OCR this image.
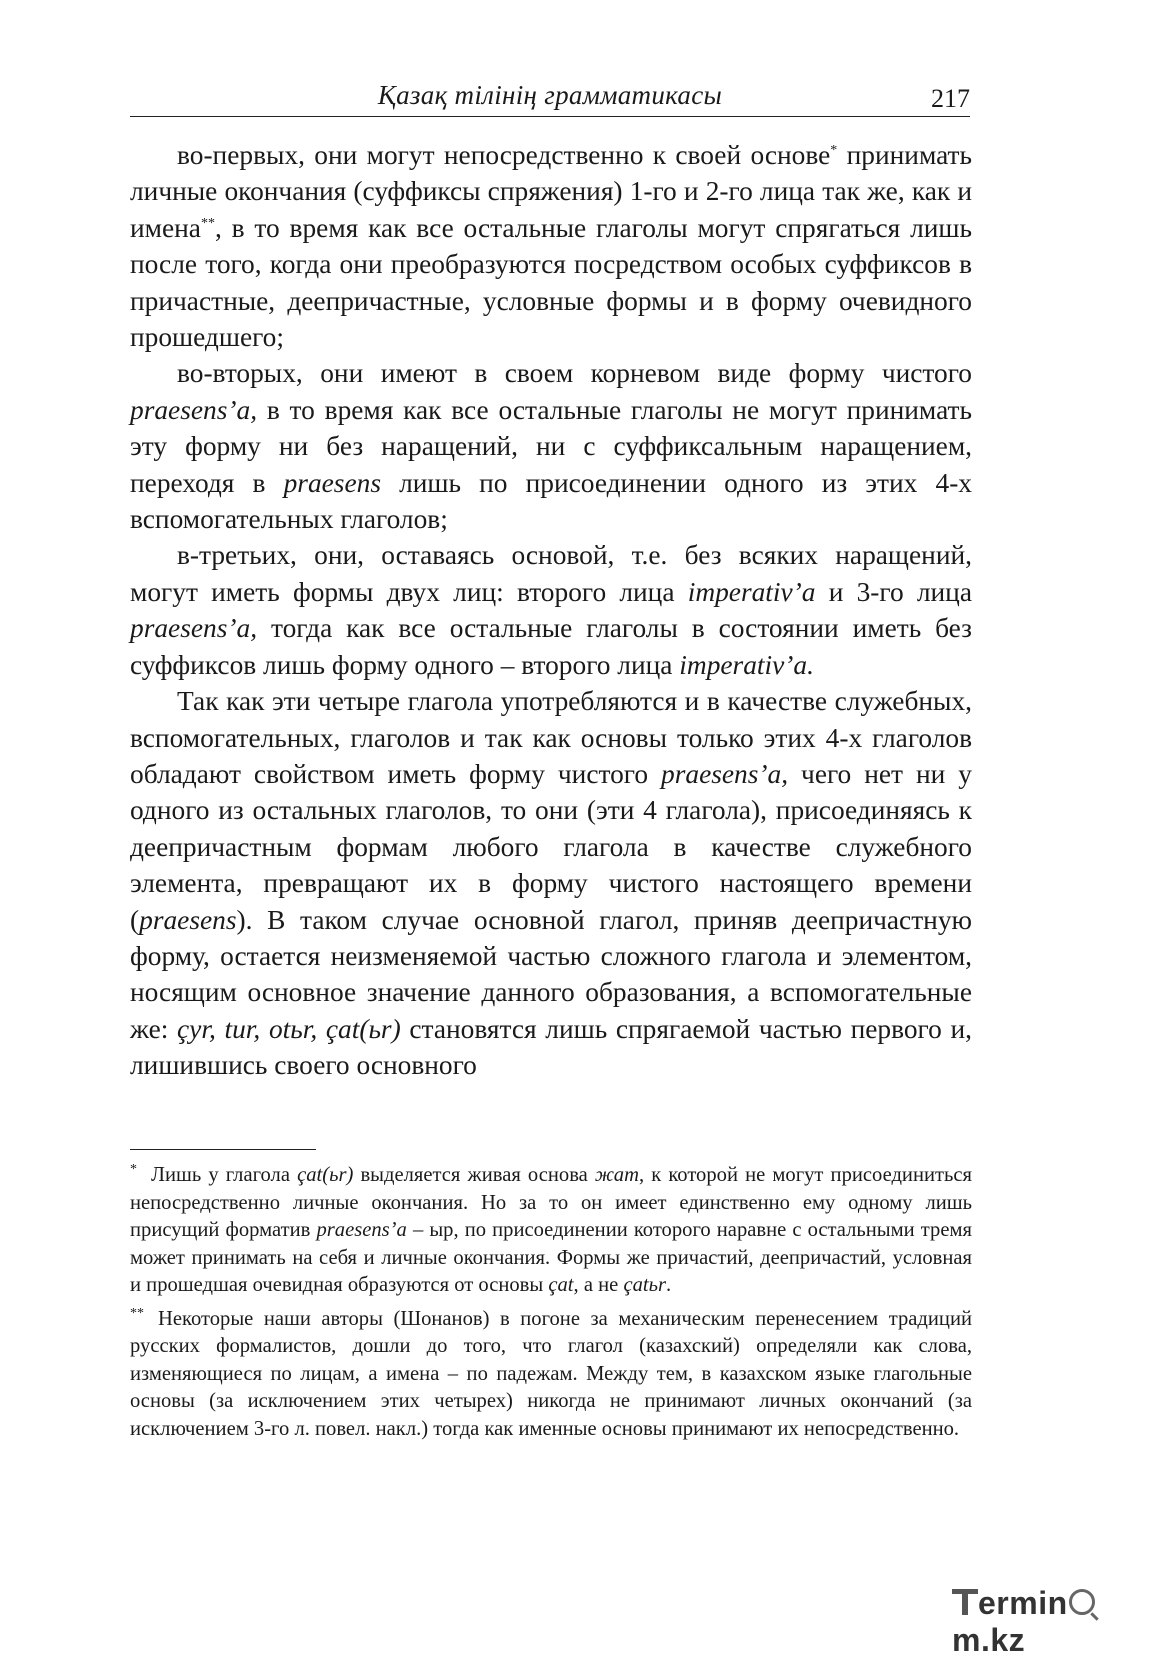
Қазақ тілінің грамматикасы	217

во-первых, они могут непосредственно к своей основе* принимать личные окончания (суффиксы спряжения) 1-го и 2-го лица так же, как и имена**, в то время как все остальные глаголы могут спрягаться лишь после того, когда они преобразуются посредством особых суффиксов в причастные, деепричастные, условные формы и в форму очевидного прошедшего;

во-вторых, они имеют в своем корневом виде форму чистого praesens’a, в то время как все остальные глаголы не могут принимать эту форму ни без наращений, ни с суффиксальным наращением, переходя в praesens лишь по присоединении одного из этих 4-х вспомогательных глаголов;

в-третьих, они, оставаясь основой, т.е. без всяких наращений, могут иметь формы двух лиц: второго лица imperativ’a и 3-го лица praesens’a, тогда как все остальные глаголы в состоянии иметь без суффиксов лишь форму одного – второго лица imperativ’a.

Так как эти четыре глагола употребляются и в качестве служебных, вспомогательных, глаголов и так как основы только этих 4-х глаголов обладают свойством иметь форму чистого praesens’a, чего нет ни у одного из остальных глаголов, то они (эти 4 глагола), присоединяясь к деепричастным формам любого глагола в качестве служебного элемента, превращают их в форму чистого настоящего времени (praesens). В таком случае основной глагол, приняв деепричастную форму, остается неизменяемой частью сложного глагола и элементом, носящим основное значение данного образования, а вспомогательные же: çyr, tur, otьr, çat(ьr) становятся лишь спрягаемой частью первого и, лишившись своего основного

* Лишь у глагола çat(ьr) выделяется живая основа жат, к которой не могут присоединиться непосредственно личные окончания. Но за то он имеет единственно ему одному лишь присущий форматив praesens’a – ыр, по присоединении которого наравне с остальными тремя может принимать на себя и личные окончания. Формы же причастий, деепричастий, условная и прошедшая очевидная образуются от основы çat, а не çatьr.

** Некоторые наши авторы (Шонанов) в погоне за механическим перенесением традиций русских формалистов, дошли до того, что глагол (казахский) определяли как слова, изменяющиеся по лицам, а имена – по падежам. Между тем, в казахском языке глагольные основы (за исключением этих четырех) никогда не принимают личных окончаний (за исключением 3-го л. повел. накл.) тогда как именные основы принимают их непосредственно.

erminm.kz
